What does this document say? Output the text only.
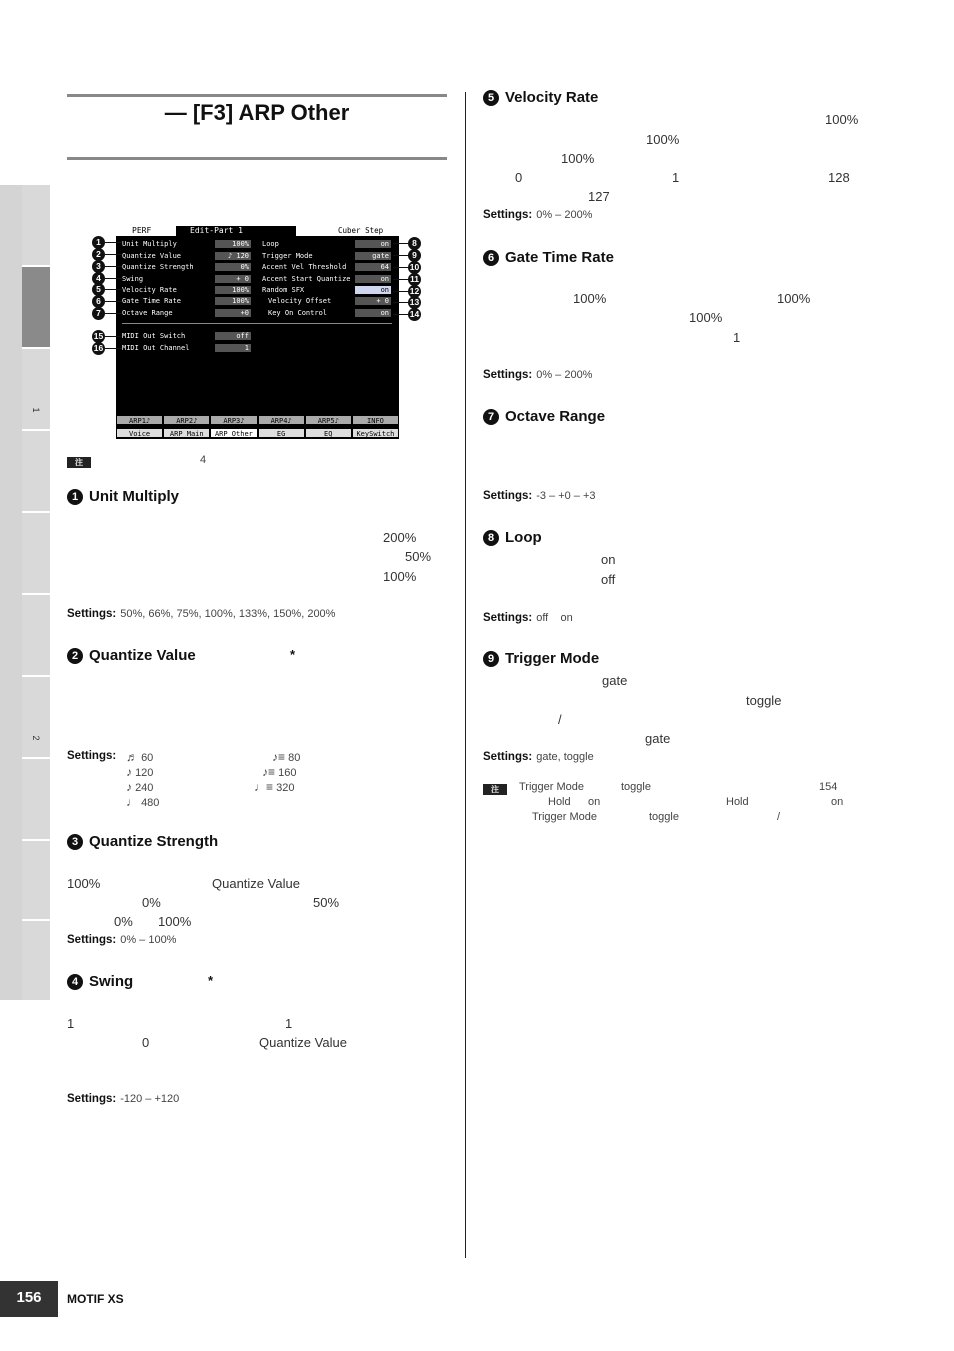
— [F3] ARP Other
1
2
PERF	Edit-Part 1	Cuber Step
Unit Multiply	100%
Quantize Value	♪ 120
Quantize Strength	0%
Swing	+ 0
Velocity Rate	100%
Gate Time Rate	100%
Octave Range	+0
Loop	on
Trigger Mode	gate
Accent Vel Threshold	64
Accent Start Quantize	on
Random SFX	on
Velocity Offset	+ 0
Key On Control	on
MIDI Out Switch	off
MIDI Out Channel	1
ARP1♪	ARP2♪	ARP3♪	ARP4♪	ARP5♪	INFO
Voice	ARP Main	ARP Other	EG	EQ	KeySwitch
1
2
3
4
5
6
7
15
16
8
9
10
11
12
13
14
注	4
1 Unit Multiply
200%
50%
100%
Settings: 50%, 66%, 75%, 100%, 133%, 150%, 200%
2 Quantize Value	*
Settings: ♬ 60	♪≡ 80
♪ 120	♪≡ 160
♪ 240	♩≡ 320
♩ 480
3 Quantize Strength
100%	Quantize Value
0%	50%
0% 100%
Settings: 0% – 100%
4 Swing	*
1	1
0	Quantize Value
Settings: -120 – +120
5 Velocity Rate
100%
100%
100%
0	1	128
127
Settings: 0% – 200%
6 Gate Time Rate
100%	100%
100%
1
Settings: 0% – 200%
7 Octave Range
Settings: -3 – +0 – +3
8 Loop
on
off
Settings: off    on
9 Trigger Mode
gate
toggle
/
gate
Settings: gate, toggle
注	Trigger Mode	toggle	154
Hold on	Hold	on
Trigger Mode	toggle	/
156	MOTIF XS
